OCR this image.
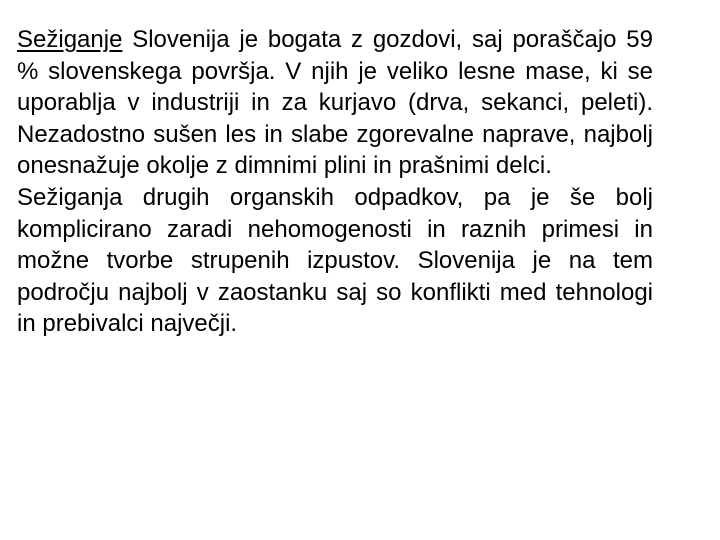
Sežiganje Slovenija je bogata z gozdovi, saj poraščajo 59 % slovenskega površja. V njih je veliko lesne mase, ki se uporablja v industriji in za kurjavo (drva, sekanci, peleti). Nezadostno sušen les in slabe zgorevalne naprave, najbolj onesnažuje okolje z dimnimi plini in prašnimi delci.

Sežiganja drugih organskih odpadkov, pa je še bolj komplicirano zaradi nehomogenosti in raznih primesi in možne tvorbe strupenih izpustov. Slovenija je na tem področju najbolj v zaostanku saj so konflikti med tehnologi in prebivalci največji.
